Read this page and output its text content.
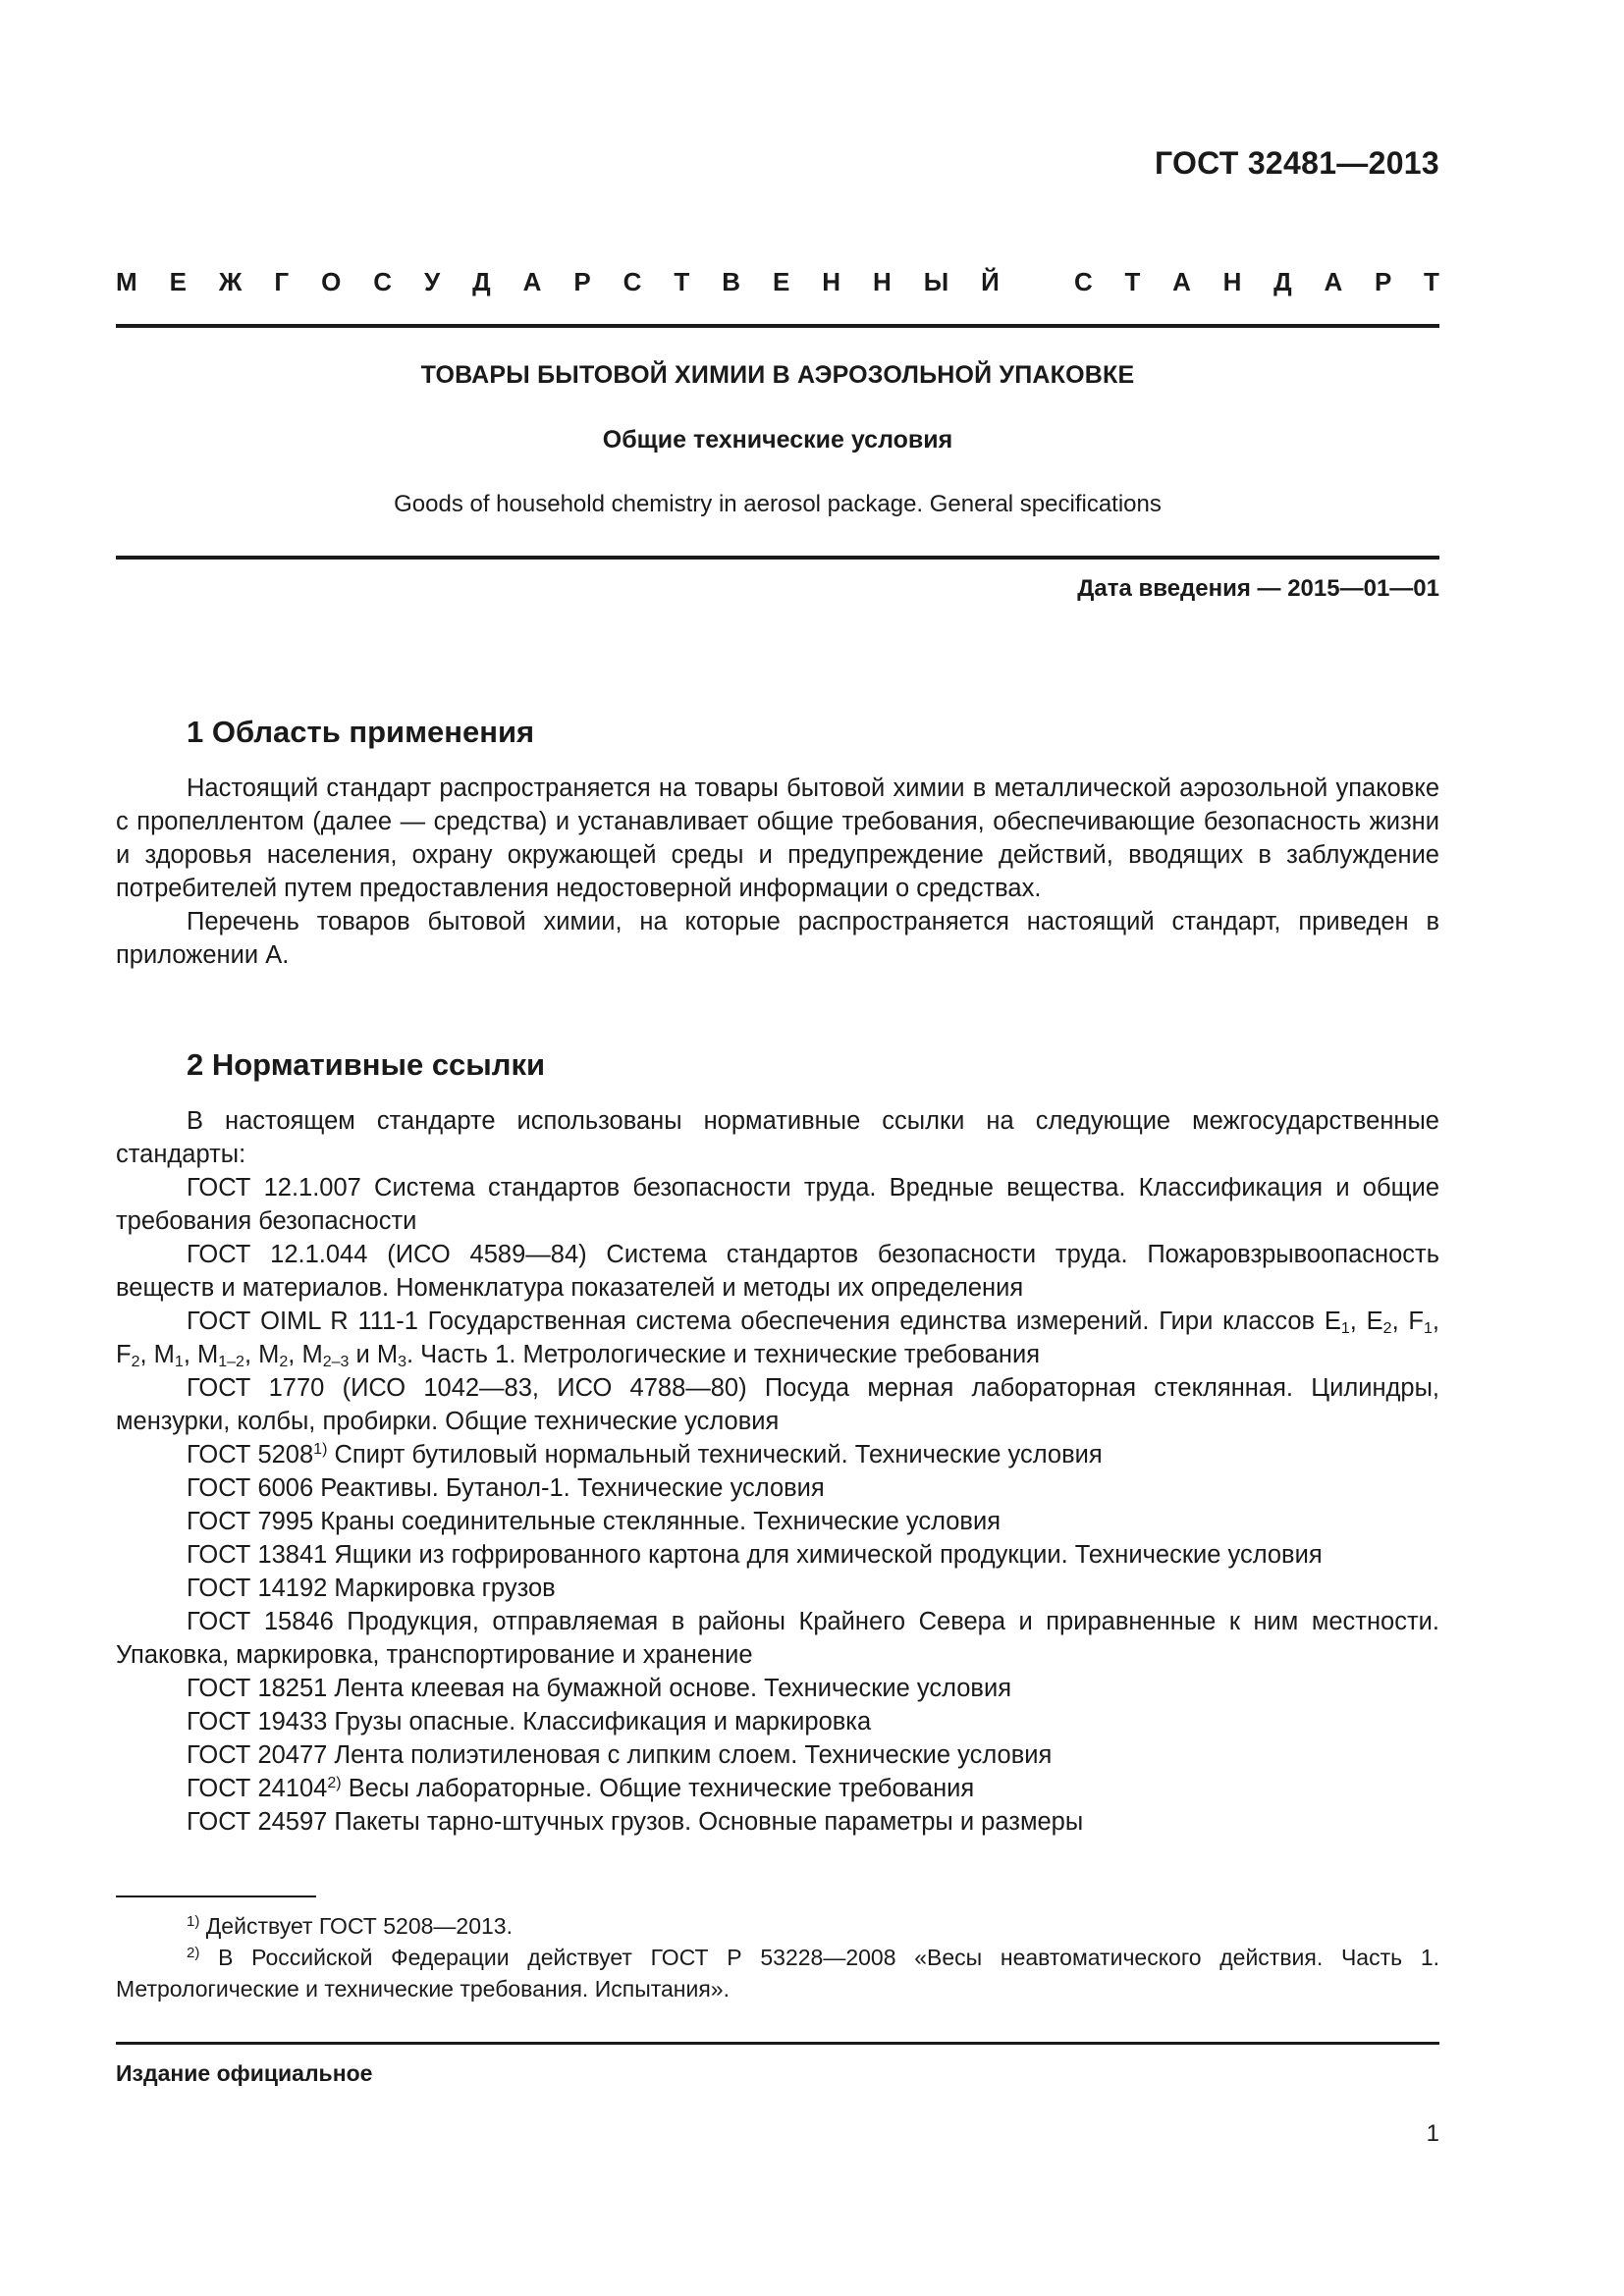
ГОСТ 32481—2013
М Е Ж Г О С У Д А Р С Т В Е Н Н Ы Й	С Т А Н Д А Р Т
ТОВАРЫ БЫТОВОЙ ХИМИИ В АЭРОЗОЛЬНОЙ УПАКОВКЕ
Общие технические условия
Goods of household chemistry in aerosol package. General specifications
Дата введения — 2015—01—01
1 Область применения

Настоящий стандарт распространяется на товары бытовой химии в металлической аэрозольной упаковке с пропеллентом (далее — средства) и устанавливает общие требования, обеспечивающие безопасность жизни и здоровья населения, охрану окружающей среды и предупреждение действий, вводящих в заблуждение потребителей путем предоставления недостоверной информации о средствах.

Перечень товаров бытовой химии, на которые распространяется настоящий стандарт, приведен в приложении А.

2 Нормативные ссылки

В настоящем стандарте использованы нормативные ссылки на следующие межгосударственные стандарты:

ГОСТ 12.1.007 Система стандартов безопасности труда. Вредные вещества. Классификация и общие требования безопасности

ГОСТ 12.1.044 (ИСО 4589—84) Система стандартов безопасности труда. Пожаровзрывоопасность веществ и материалов. Номенклатура показателей и методы их определения

ГОСТ OIML R 111-1 Государственная система обеспечения единства измерений. Гири классов $E_1$, $E_2$, $F_1$, $F_2$, $M_1$, $M_{1-2}$, $M_2$, $M_{2-3}$ и $M_3$. Часть 1. Метрологические и технические требования

ГОСТ 1770 (ИСО 1042—83, ИСО 4788—80) Посуда мерная лабораторная стеклянная. Цилиндры, мензурки, колбы, пробирки. Общие технические условия

ГОСТ 5208$^{1)}$ Спирт бутиловый нормальный технический. Технические условия

ГОСТ 6006 Реактивы. Бутанол-1. Технические условия

ГОСТ 7995 Краны соединительные стеклянные. Технические условия

ГОСТ 13841 Ящики из гофрированного картона для химической продукции. Технические условия

ГОСТ 14192 Маркировка грузов

ГОСТ 15846 Продукция, отправляемая в районы Крайнего Севера и приравненные к ним местности. Упаковка, маркировка, транспортирование и хранение

ГОСТ 18251 Лента клеевая на бумажной основе. Технические условия

ГОСТ 19433 Грузы опасные. Классификация и маркировка

ГОСТ 20477 Лента полиэтиленовая с липким слоем. Технические условия

ГОСТ 24104$^{2)}$ Весы лабораторные. Общие технические требования

ГОСТ 24597 Пакеты тарно-штучных грузов. Основные параметры и размеры

$^{1)}$ Действует ГОСТ 5208—2013.

$^{2)}$ В Российской Федерации действует ГОСТ Р 53228—2008 «Весы неавтоматического действия. Часть 1. Метрологические и технические требования. Испытания».

Издание официальное
1
